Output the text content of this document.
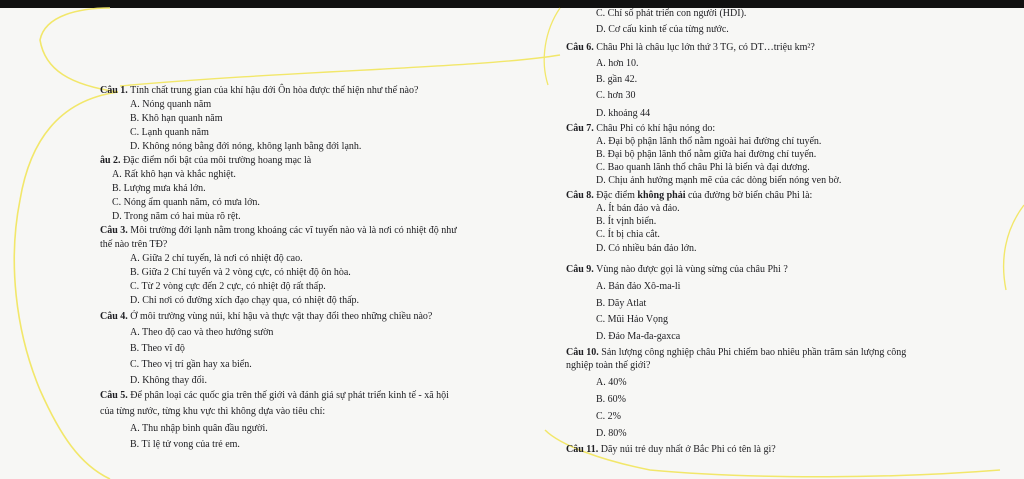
Câu 1. Tính chất trung gian của khí hậu đới Ôn hòa được thể hiện như thế nào?
A. Nóng quanh năm
B. Khô hạn quanh năm
C. Lạnh quanh năm
D. Không nóng bằng đới nóng, không lạnh bằng đới lạnh.
âu 2. Đặc điểm nổi bật của môi trường hoang mạc là
A. Rất khô hạn và khắc nghiệt.
B. Lượng mưa khá lớn.
C. Nóng ẩm quanh năm, có mưa lớn.
D. Trong năm có hai mùa rõ rệt.
Câu 3. Môi trường đới lạnh nằm trong khoảng các vĩ tuyến nào và là nơi có nhiệt độ như
thế nào trên TĐ?
A. Giữa 2 chí tuyến, là nơi có nhiệt độ cao.
B. Giữa 2 Chí tuyến và 2 vòng cực, có nhiệt độ ôn hòa.
C. Từ 2 vòng cực đến 2 cực, có nhiệt độ rất thấp.
D. Chỉ nơi có đường xích đạo chạy qua, có nhiệt độ thấp.
Câu 4. Ở môi trường vùng núi, khí hậu và thực vật thay đổi theo những chiều nào?
A. Theo độ cao và theo hướng sườn
B. Theo vĩ độ
C. Theo vị trí gần hay xa biển.
D. Không thay đổi.
Câu 5. Để phân loại các quốc gia trên thế giới và đánh giá sự phát triển kinh tế - xã hội
của từng nước, từng khu vực thì không dựa vào tiêu chí:
A. Thu nhập bình quân đầu người.
B. Tỉ lệ tử vong của trẻ em.
C. Chỉ số phát triển con người (HDI).
D. Cơ cấu kinh tế của từng nước.
Câu 6. Châu Phi là châu lục lớn thứ 3 TG, có DT…triệu km²?
A. hơn 10.
B. gần 42.
C. hơn 30
D. khoảng 44
Câu 7. Châu Phi có khí hậu nóng do:
A. Đại bộ phận lãnh thổ nằm ngoài hai đường chí tuyến.
B. Đại bộ phận lãnh thổ nằm giữa hai đường chí tuyến.
C. Bao quanh lãnh thổ châu Phi là biển và đại dương.
D. Chịu ảnh hưởng mạnh mẽ của các dòng biển nóng ven bờ.
Câu 8. Đặc điểm không phải của đường bờ biển châu Phi là:
A. Ít bán đảo và đảo.
B. Ít vịnh biển.
C. Ít bị chia cắt.
D. Có nhiều bán đảo lớn.
Câu 9. Vùng nào được gọi là vùng sừng của châu Phi ?
A. Bán đảo Xô-ma-li
B. Dãy Atlat
C. Mũi Hảo Vọng
D. Đảo Ma-đa-gaxca
Câu 10. Sản lượng công nghiệp châu Phi chiếm bao nhiêu phần trăm sản lượng công
nghiệp toàn thế giới?
A. 40%
B. 60%
C. 2%
D. 80%
Câu 11. Dãy núi trẻ duy nhất ở Bắc Phi có tên là gì?
